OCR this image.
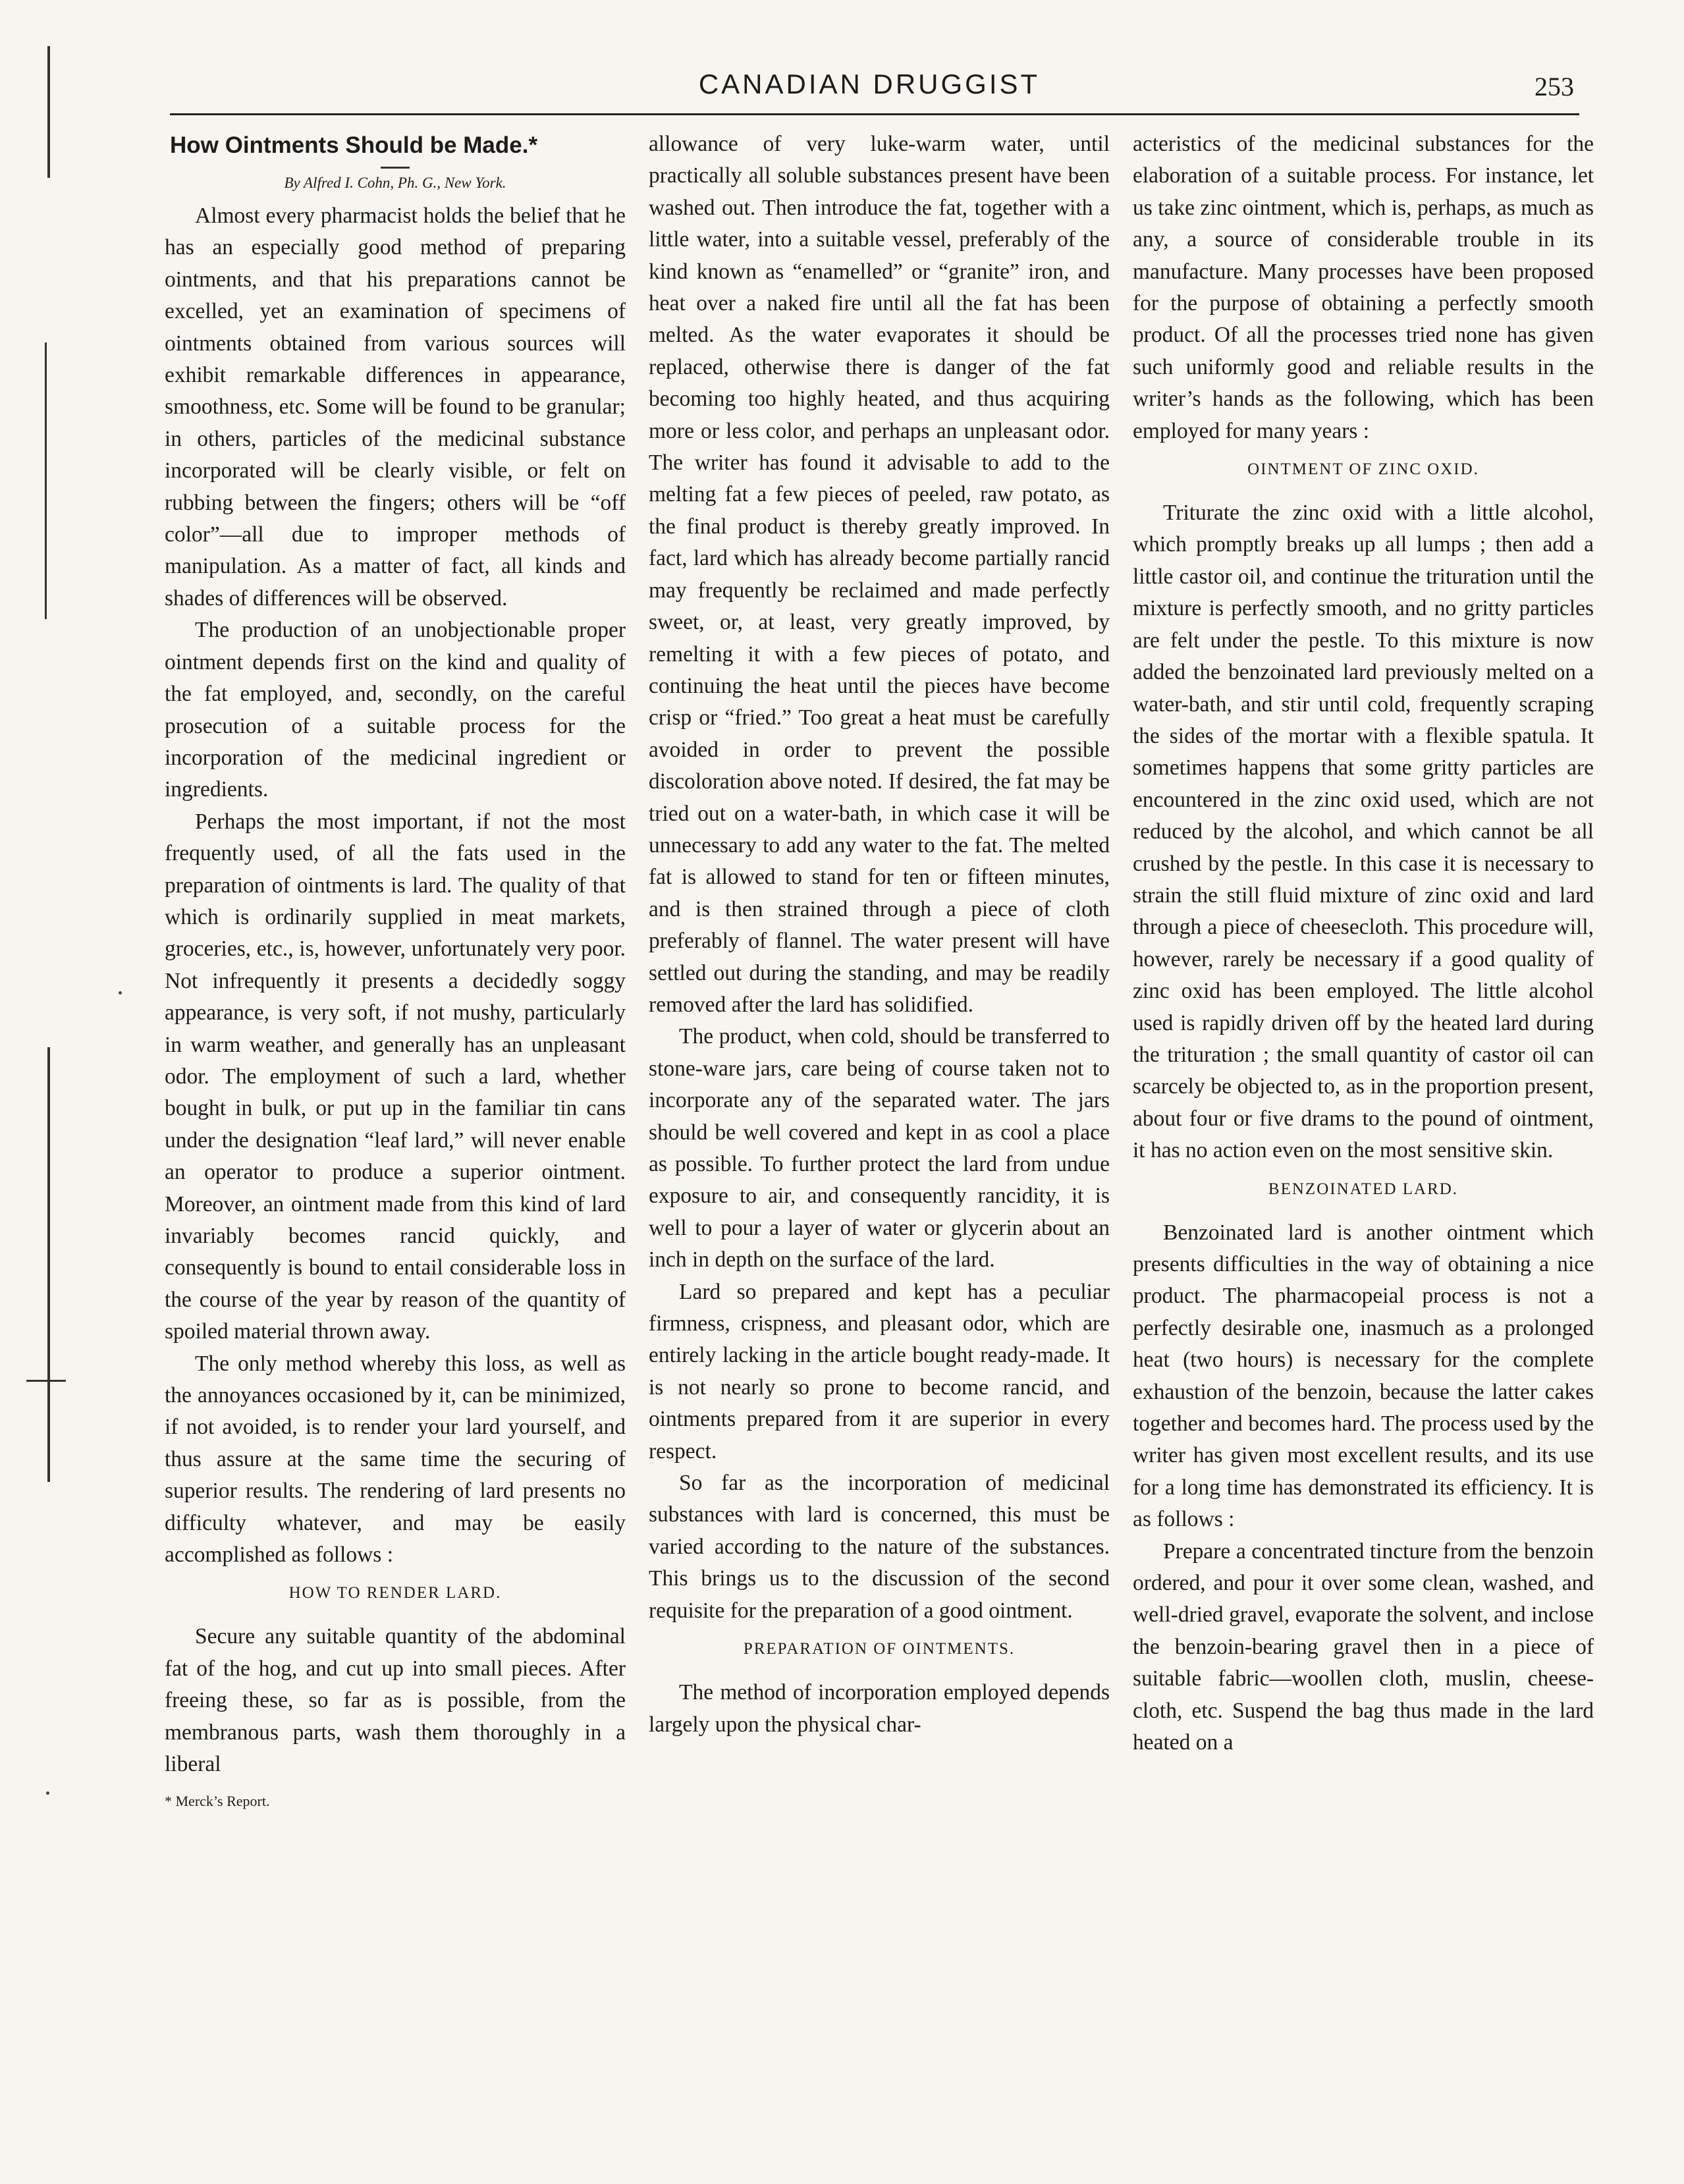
CANADIAN DRUGGIST	253
How Ointments Should be Made.*
By Alfred I. Cohn, Ph. G., New York.

Almost every pharmacist holds the belief that he has an especially good method of preparing ointments, and that his preparations cannot be excelled, yet an examination of specimens of ointments obtained from various sources will exhibit remarkable differences in appearance, smoothness, etc. Some will be found to be granular; in others, particles of the medicinal substance incorporated will be clearly visible, or felt on rubbing between the fingers; others will be “off color”—all due to improper methods of manipulation. As a matter of fact, all kinds and shades of differences will be observed.

The production of an unobjectionable proper ointment depends first on the kind and quality of the fat employed, and, secondly, on the careful prosecution of a suitable process for the incorporation of the medicinal ingredient or ingredients.

Perhaps the most important, if not the most frequently used, of all the fats used in the preparation of ointments is lard. The quality of that which is ordinarily supplied in meat markets, groceries, etc., is, however, unfortunately very poor. Not infrequently it presents a decidedly soggy appearance, is very soft, if not mushy, particularly in warm weather, and generally has an unpleasant odor. The employment of such a lard, whether bought in bulk, or put up in the familiar tin cans under the designation “leaf lard,” will never enable an operator to produce a superior ointment. Moreover, an ointment made from this kind of lard invariably becomes rancid quickly, and consequently is bound to entail considerable loss in the course of the year by reason of the quantity of spoiled material thrown away.

The only method whereby this loss, as well as the annoyances occasioned by it, can be minimized, if not avoided, is to render your lard yourself, and thus assure at the same time the securing of superior results. The rendering of lard presents no difficulty whatever, and may be easily accomplished as follows :

HOW TO RENDER LARD.

Secure any suitable quantity of the abdominal fat of the hog, and cut up into small pieces. After freeing these, so far as is possible, from the membranous parts, wash them thoroughly in a liberal

* Merck’s Report.

allowance of very luke-warm water, until practically all soluble substances present have been washed out. Then introduce the fat, together with a little water, into a suitable vessel, preferably of the kind known as “enamelled” or “granite” iron, and heat over a naked fire until all the fat has been melted. As the water evaporates it should be replaced, otherwise there is danger of the fat becoming too highly heated, and thus acquiring more or less color, and perhaps an unpleasant odor. The writer has found it advisable to add to the melting fat a few pieces of peeled, raw potato, as the final product is thereby greatly improved. In fact, lard which has already become partially rancid may frequently be reclaimed and made perfectly sweet, or, at least, very greatly improved, by remelting it with a few pieces of potato, and continuing the heat until the pieces have become crisp or “fried.” Too great a heat must be carefully avoided in order to prevent the possible discoloration above noted. If desired, the fat may be tried out on a water-bath, in which case it will be unnecessary to add any water to the fat. The melted fat is allowed to stand for ten or fifteen minutes, and is then strained through a piece of cloth preferably of flannel. The water present will have settled out during the standing, and may be readily removed after the lard has solidified.

The product, when cold, should be transferred to stone-ware jars, care being of course taken not to incorporate any of the separated water. The jars should be well covered and kept in as cool a place as possible. To further protect the lard from undue exposure to air, and consequently rancidity, it is well to pour a layer of water or glycerin about an inch in depth on the surface of the lard.

Lard so prepared and kept has a peculiar firmness, crispness, and pleasant odor, which are entirely lacking in the article bought ready-made. It is not nearly so prone to become rancid, and ointments prepared from it are superior in every respect.

So far as the incorporation of medicinal substances with lard is concerned, this must be varied according to the nature of the substances. This brings us to the discussion of the second requisite for the preparation of a good ointment.

PREPARATION OF OINTMENTS.

The method of incorporation employed depends largely upon the physical char-

acteristics of the medicinal substances for the elaboration of a suitable process. For instance, let us take zinc ointment, which is, perhaps, as much as any, a source of considerable trouble in its manufacture. Many processes have been proposed for the purpose of obtaining a perfectly smooth product. Of all the processes tried none has given such uniformly good and reliable results in the writer’s hands as the following, which has been employed for many years :

OINTMENT OF ZINC OXID.

Triturate the zinc oxid with a little alcohol, which promptly breaks up all lumps ; then add a little castor oil, and continue the trituration until the mixture is perfectly smooth, and no gritty particles are felt under the pestle. To this mixture is now added the benzoinated lard previously melted on a water-bath, and stir until cold, frequently scraping the sides of the mortar with a flexible spatula. It sometimes happens that some gritty particles are encountered in the zinc oxid used, which are not reduced by the alcohol, and which cannot be all crushed by the pestle. In this case it is necessary to strain the still fluid mixture of zinc oxid and lard through a piece of cheesecloth. This procedure will, however, rarely be necessary if a good quality of zinc oxid has been employed. The little alcohol used is rapidly driven off by the heated lard during the trituration ; the small quantity of castor oil can scarcely be objected to, as in the proportion present, about four or five drams to the pound of ointment, it has no action even on the most sensitive skin.

BENZOINATED LARD.

Benzoinated lard is another ointment which presents difficulties in the way of obtaining a nice product. The pharmacopeial process is not a perfectly desirable one, inasmuch as a prolonged heat (two hours) is necessary for the complete exhaustion of the benzoin, because the latter cakes together and becomes hard. The process used by the writer has given most excellent results, and its use for a long time has demonstrated its efficiency. It is as follows :

Prepare a concentrated tincture from the benzoin ordered, and pour it over some clean, washed, and well-dried gravel, evaporate the solvent, and inclose the benzoin-bearing gravel then in a piece of suitable fabric—woollen cloth, muslin, cheese-cloth, etc. Suspend the bag thus made in the lard heated on a
